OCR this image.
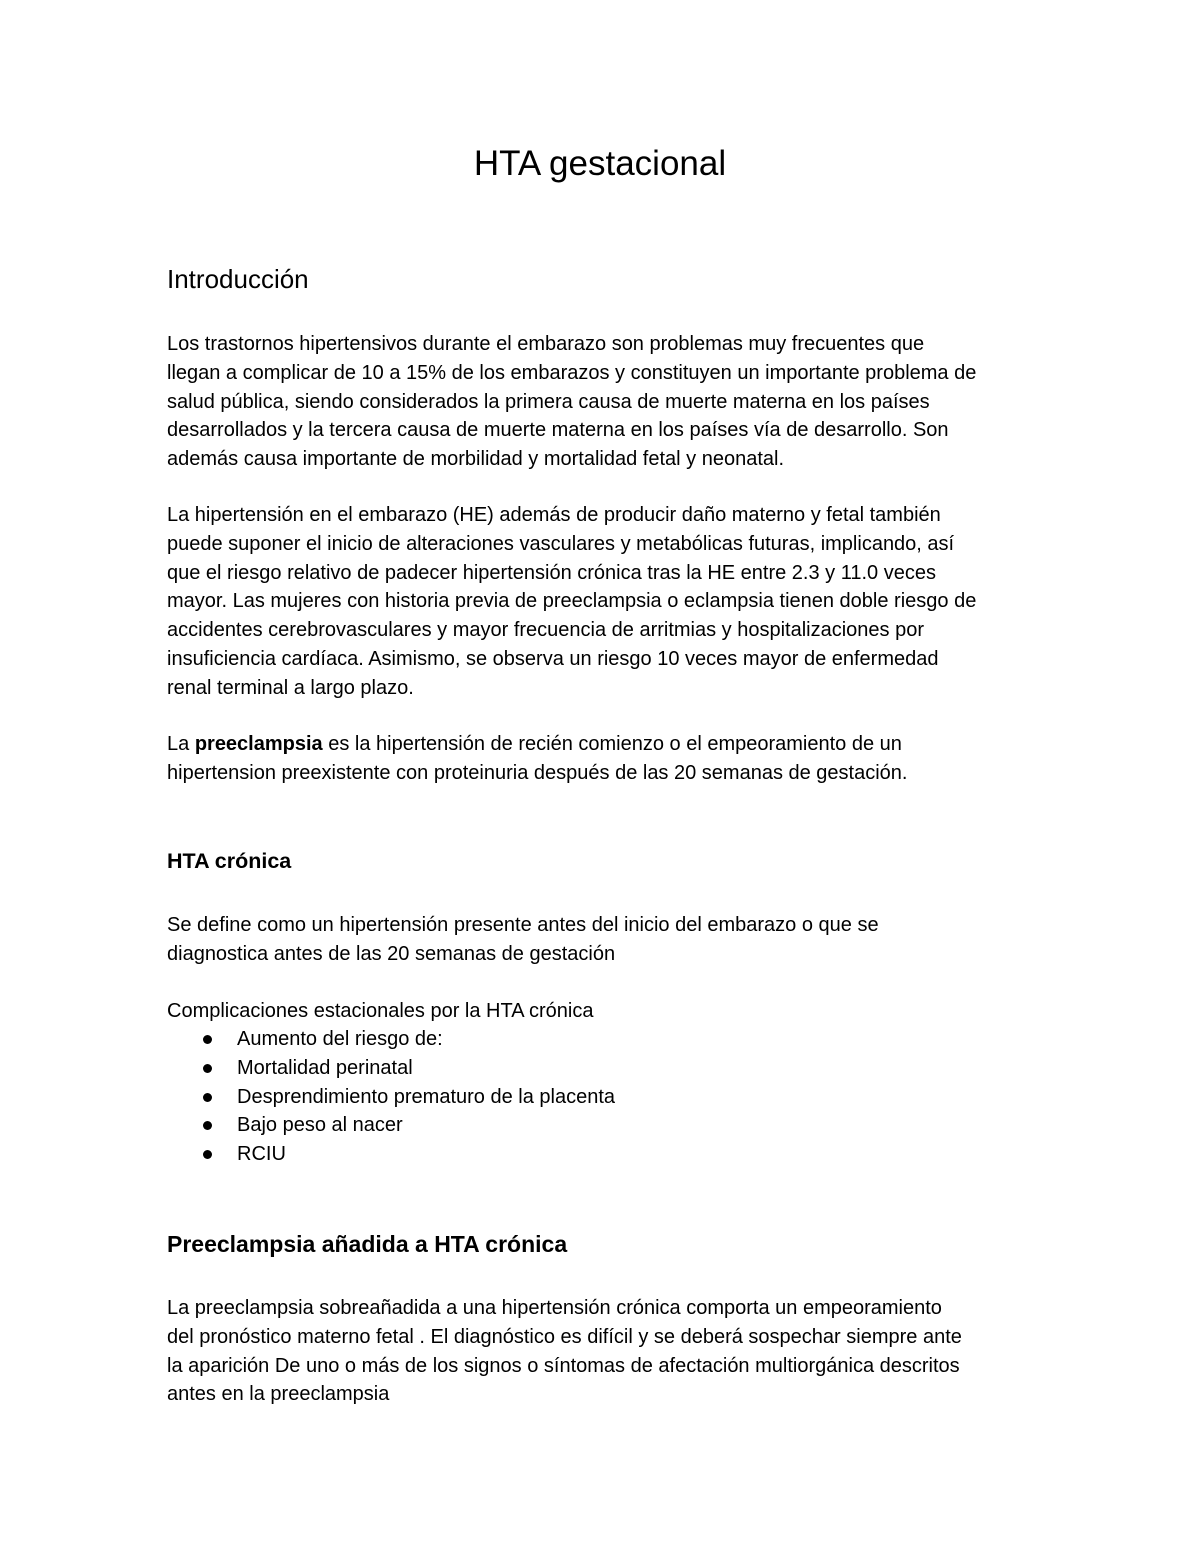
HTA gestacional
Introducción

Los trastornos hipertensivos durante el embarazo son problemas muy frecuentes que
llegan a complicar de 10 a 15% de los embarazos y constituyen un importante problema de
salud pública, siendo considerados la primera causa de muerte materna en los países
desarrollados y la tercera causa de muerte materna en los países vía de desarrollo. Son
además causa importante de morbilidad y mortalidad fetal y neonatal.

La hipertensión en el embarazo (HE) además de producir daño materno y fetal también
puede suponer el inicio de alteraciones vasculares y metabólicas futuras, implicando, así
que el riesgo relativo de padecer hipertensión crónica tras la HE entre 2.3 y 11.0 veces
mayor. Las mujeres con historia previa de preeclampsia o eclampsia tienen doble riesgo de
accidentes cerebrovasculares y mayor frecuencia de arritmias y hospitalizaciones por
insuficiencia cardíaca. Asimismo, se observa un riesgo 10 veces mayor de enfermedad
renal terminal a largo plazo.

La preeclampsia es la hipertensión de recién comienzo o el empeoramiento de un
hipertension preexistente con proteinuria después de las 20 semanas de gestación.

HTA crónica

Se define como un hipertensión presente antes del inicio del embarazo o que se
diagnostica antes de las 20 semanas de gestación

Complicaciones estacionales por la HTA crónica

Aumento del riesgo de:
Mortalidad perinatal
Desprendimiento prematuro de la placenta
Bajo peso al nacer
RCIU
Preeclampsia añadida a HTA crónica

La preeclampsia sobreañadida a una hipertensión crónica comporta un empeoramiento
del pronóstico materno fetal . El diagnóstico es difícil y se deberá sospechar siempre ante
la aparición De uno o más de los signos o síntomas de afectación multiorgánica descritos
antes en la preeclampsia
